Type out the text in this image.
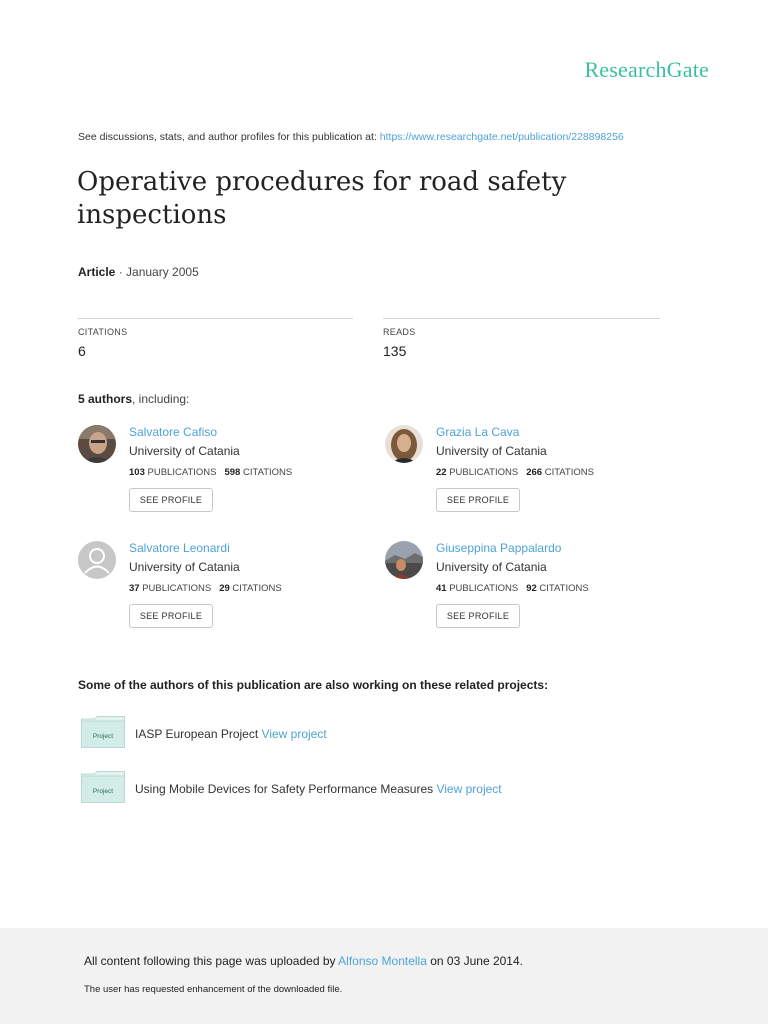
ResearchGate
See discussions, stats, and author profiles for this publication at: https://www.researchgate.net/publication/228898256
Operative procedures for road safety inspections
Article · January 2005
CITATIONS
6
READS
135
5 authors, including:
Salvatore Cafiso
University of Catania
103 PUBLICATIONS 598 CITATIONS
SEE PROFILE
Grazia La Cava
University of Catania
22 PUBLICATIONS 266 CITATIONS
SEE PROFILE
Salvatore Leonardi
University of Catania
37 PUBLICATIONS 29 CITATIONS
SEE PROFILE
Giuseppina Pappalardo
University of Catania
41 PUBLICATIONS 92 CITATIONS
SEE PROFILE
Some of the authors of this publication are also working on these related projects:
Project IASP European Project View project
Project Using Mobile Devices for Safety Performance Measures View project
All content following this page was uploaded by Alfonso Montella on 03 June 2014.
The user has requested enhancement of the downloaded file.
